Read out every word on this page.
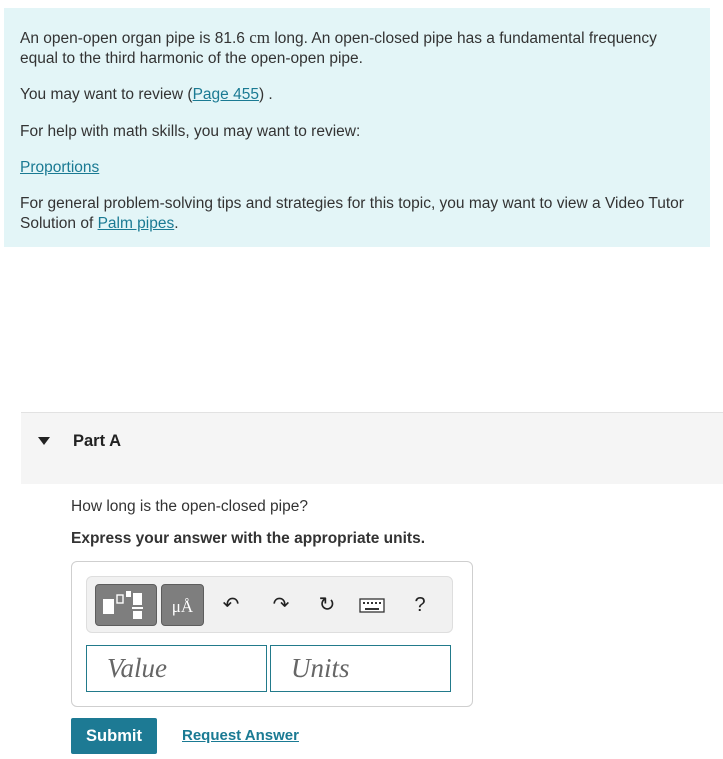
An open-open organ pipe is 81.6 cm long. An open-closed pipe has a fundamental frequency equal to the third harmonic of the open-open pipe.

You may want to review (Page 455) .

For help with math skills, you may want to review:

Proportions

For general problem-solving tips and strategies for this topic, you may want to view a Video Tutor Solution of Palm pipes.

Part A
How long is the open-closed pipe?
Express your answer with the appropriate units.
μÅ	↶ ↷ ↻	?
Value	Units
Submit	Request Answer
